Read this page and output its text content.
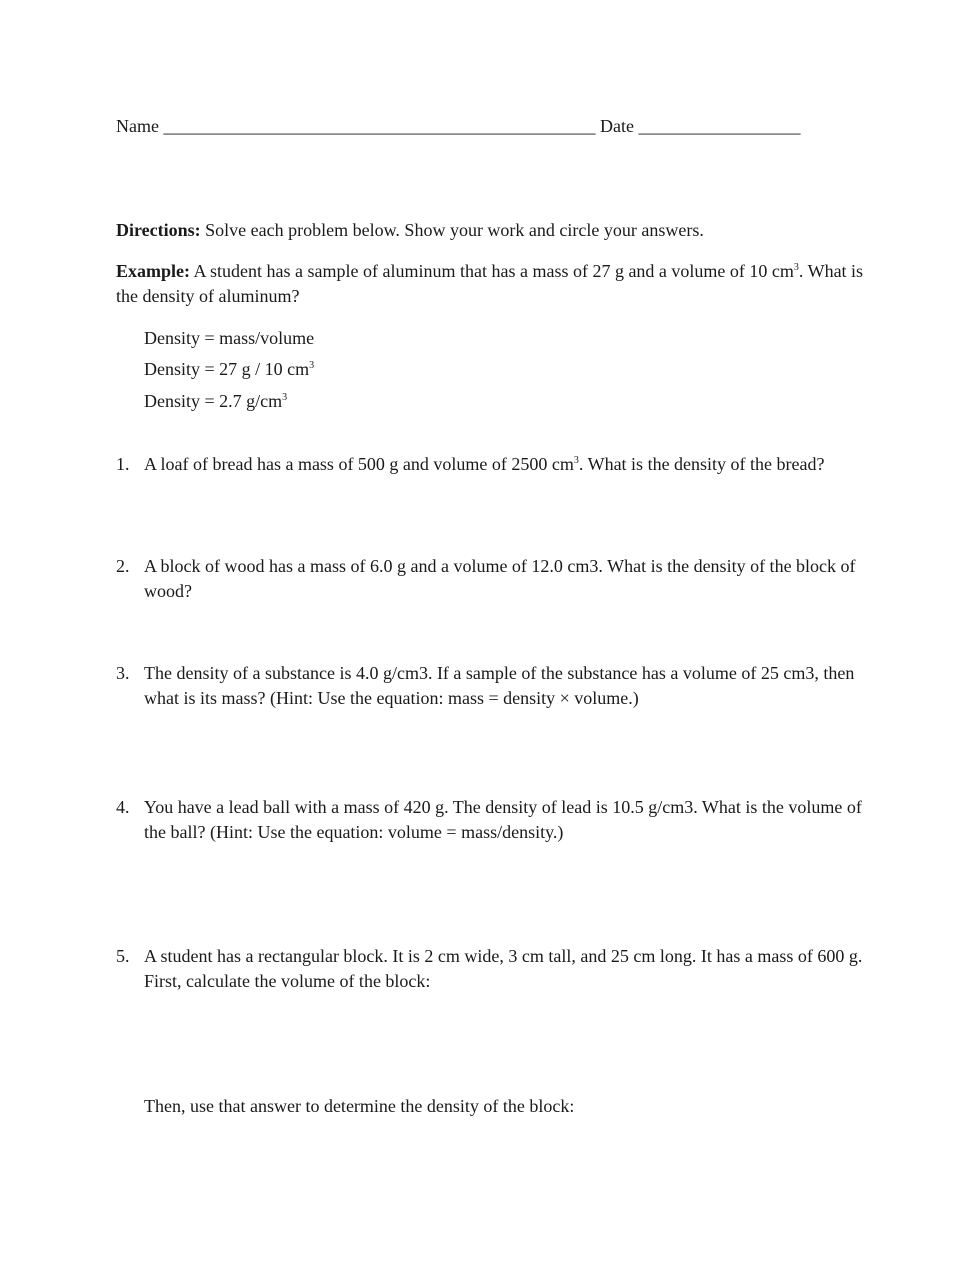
Name ________________________________________________ Date __________________
Directions: Solve each problem below. Show your work and circle your answers.
Example: A student has a sample of aluminum that has a mass of 27 g and a volume of 10 $cm^3$. What is the density of aluminum?
Density = mass/volume
Density = 27 g / 10 $cm^3$
Density = 2.7 $g/cm^3$
1. A loaf of bread has a mass of 500 g and volume of 2500 $cm^3$. What is the density of the bread?
2. A block of wood has a mass of 6.0 g and a volume of 12.0 cm3. What is the density of the block of wood?
3. The density of a substance is 4.0 g/cm3. If a sample of the substance has a volume of 25 cm3, then what is its mass? (Hint: Use the equation: mass = density × volume.)
4. You have a lead ball with a mass of 420 g. The density of lead is 10.5 g/cm3. What is the volume of the ball? (Hint: Use the equation: volume = mass/density.)
5. A student has a rectangular block. It is 2 cm wide, 3 cm tall, and 25 cm long. It has a mass of 600 g. First, calculate the volume of the block:
Then, use that answer to determine the density of the block:
